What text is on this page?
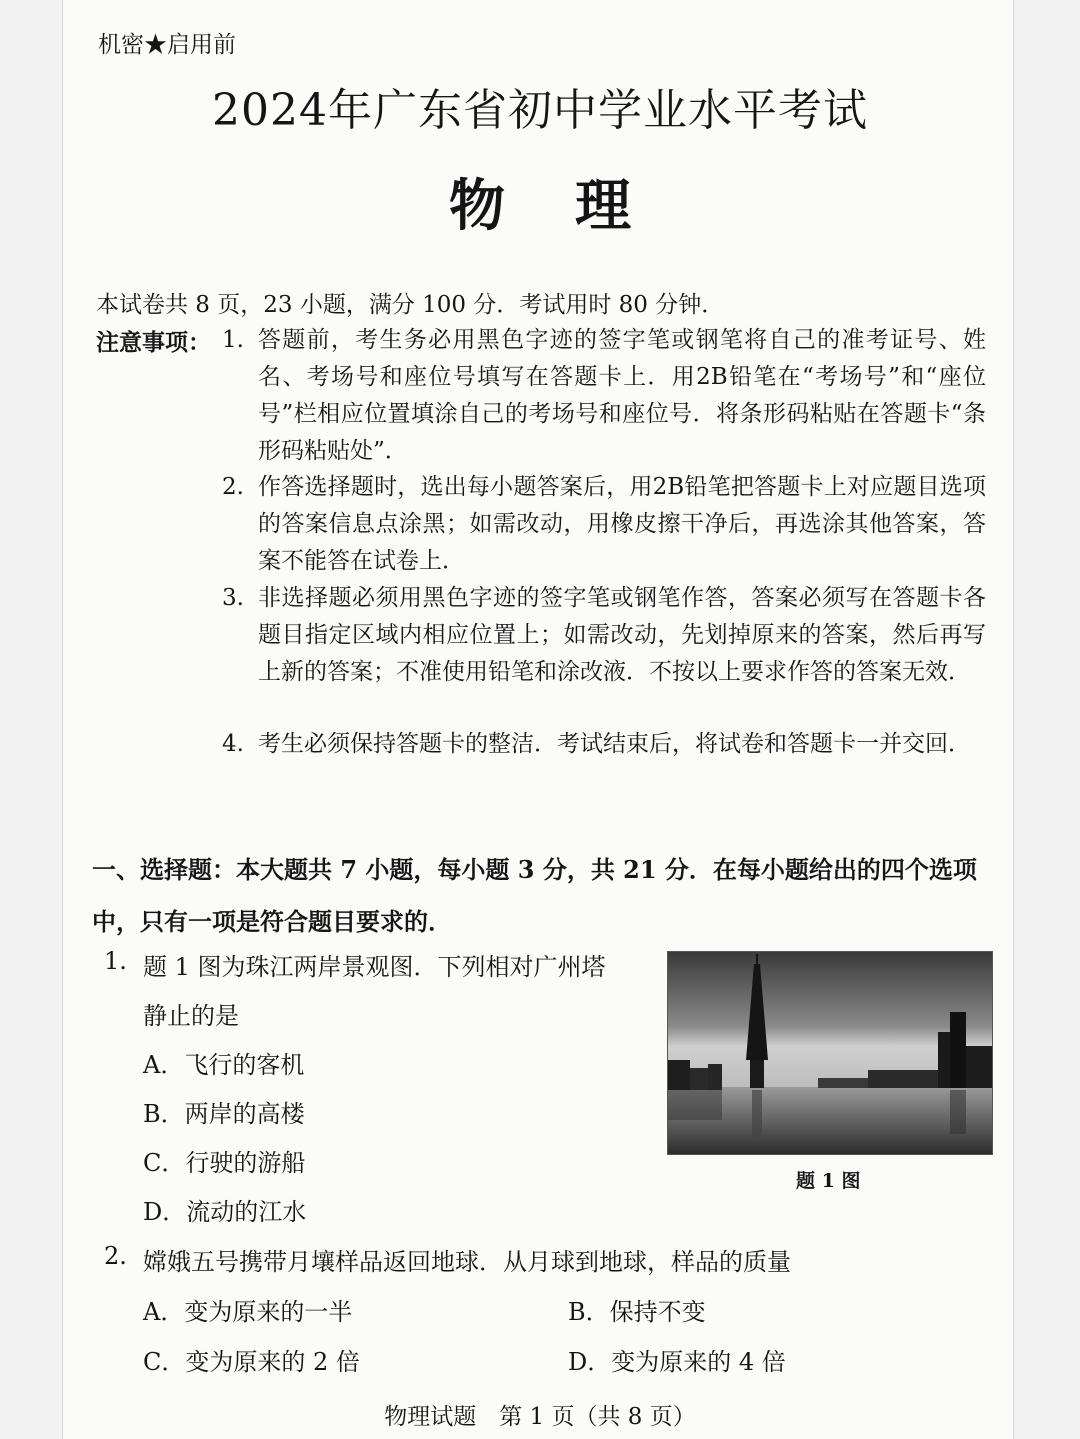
机密★启用前
2024年广东省初中学业水平考试
物理
本试卷共 8 页，23 小题，满分 100 分．考试用时 80 分钟．
注意事项： 1. 答题前，考生务必用黑色字迹的签字笔或钢笔将自己的准考证号、姓名、考场号和座位号填写在答题卡上．用2B铅笔在“考场号”和“座位号”栏相应位置填涂自己的考场号和座位号．将条形码粘贴在答题卡“条形码粘贴处”．
2. 作答选择题时，选出每小题答案后，用2B铅笔把答题卡上对应题目选项的答案信息点涂黑；如需改动，用橡皮擦干净后，再选涂其他答案，答案不能答在试卷上．
3. 非选择题必须用黑色字迹的签字笔或钢笔作答，答案必须写在答题卡各题目指定区域内相应位置上；如需改动，先划掉原来的答案，然后再写上新的答案；不准使用铅笔和涂改液．不按以上要求作答的答案无效．
4. 考生必须保持答题卡的整洁．考试结束后，将试卷和答题卡一并交回．
一、选择题：本大题共 7 小题，每小题 3 分，共 21 分．在每小题给出的四个选项中，只有一项是符合题目要求的．
1. 题 1 图为珠江两岸景观图．下列相对广州塔
静止的是
A．飞行的客机
B．两岸的高楼
C．行驶的游船
D．流动的江水
题 1 图
2. 嫦娥五号携带月壤样品返回地球．从月球到地球，样品的质量
A．变为原来的一半	B．保持不变
C．变为原来的 2 倍	D．变为原来的 4 倍
物理试题　第 1 页（共 8 页）
